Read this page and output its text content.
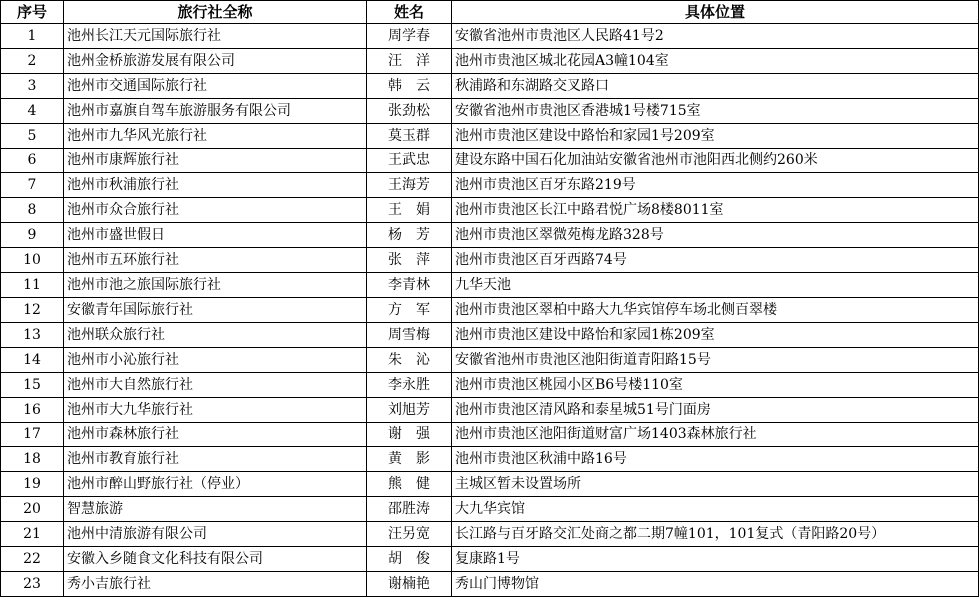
序号	旅行社全称	姓名	具体位置
1	池州长江天元国际旅行社	周学春	安徽省池州市贵池区人民路41号2
2	池州金桥旅游发展有限公司	汪　洋	池州市贵池区城北花园A3幢104室
3	池州市交通国际旅行社	韩　云	秋浦路和东湖路交叉路口
4	池州市嘉旗自驾车旅游服务有限公司	张劲松	安徽省池州市贵池区香港城1号楼715室
5	池州市九华风光旅行社	莫玉群	池州市贵池区建设中路怡和家园1号209室
6	池州市康辉旅行社	王武忠	建设东路中国石化加油站安徽省池州市池阳西北侧约260米
7	池州市秋浦旅行社	王海芳	池州市贵池区百牙东路219号
8	池州市众合旅行社	王　娟	池州市贵池区长江中路君悦广场8楼8011室
9	池州市盛世假日	杨　芳	池州市贵池区翠微苑梅龙路328号
10	池州市五环旅行社	张　萍	池州市贵池区百牙西路74号
11	池州市池之旅国际旅行社	李青林	九华天池
12	安徽青年国际旅行社	方　军	池州市贵池区翠柏中路大九华宾馆停车场北侧百翠楼
13	池州联众旅行社	周雪梅	池州市贵池区建设中路怡和家园1栋209室
14	池州市小沁旅行社	朱　沁	安徽省池州市贵池区池阳街道青阳路15号
15	池州市大自然旅行社	李永胜	池州市贵池区桃园小区B6号楼110室
16	池州市大九华旅行社	刘旭芳	池州市贵池区清风路和泰星城51号门面房
17	池州市森林旅行社	谢　强	池州市贵池区池阳街道财富广场1403森林旅行社
18	池州市教育旅行社	黄　影	池州市贵池区秋浦中路16号
19	池州市醉山野旅行社（停业）	熊　健	主城区暂未设置场所
20	智慧旅游	邵胜涛	大九华宾馆
21	池州中清旅游有限公司	汪另宽	长江路与百牙路交汇处商之都二期7幢101，101复式（青阳路20号）
22	安徽入乡随食文化科技有限公司	胡　俊	复康路1号
23	秀小吉旅行社	谢楠艳	秀山门博物馆
